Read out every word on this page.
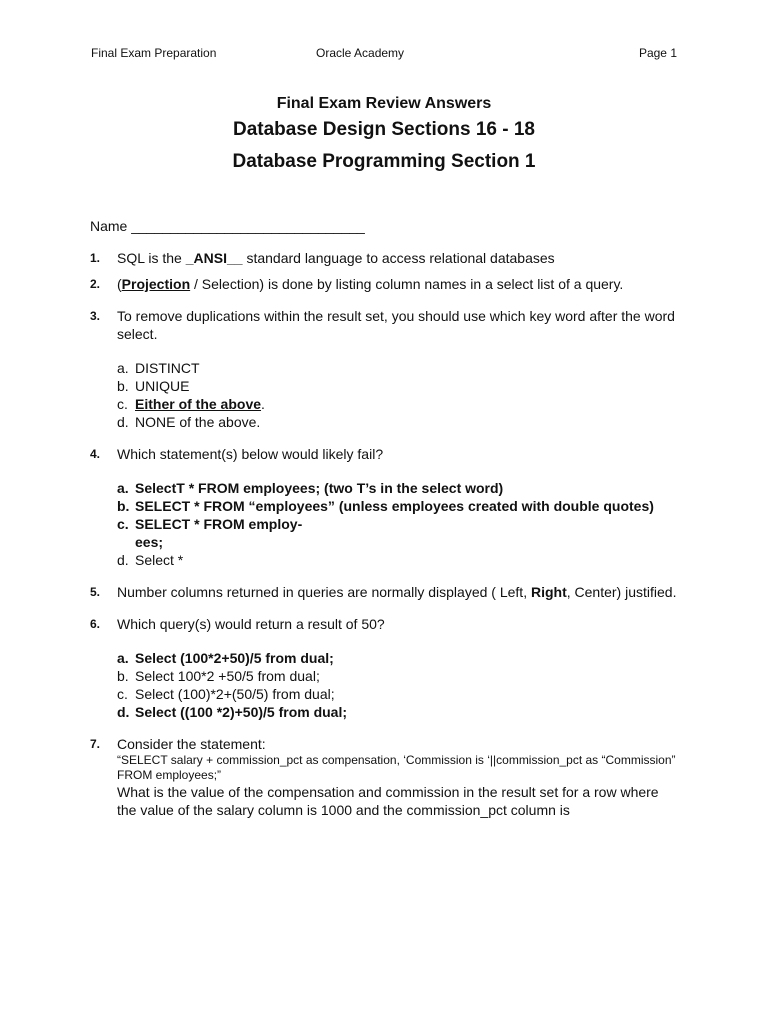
Final Exam Preparation	Oracle Academy	Page 1
Final Exam Review Answers
Database Design Sections 16 - 18
Database Programming Section 1
Name ______________________________
1. SQL is the _ANSI__ standard language to access relational databases

2. (Projection / Selection) is done by listing column names in a select list of a query.

3. To remove duplications within the result set, you should use which key word after the word select.

a. DISTINCT
b. UNIQUE
c. Either of the above.
d. NONE of the above.
4. Which statement(s) below would likely fail?

a. SelectT * FROM employees; (two T’s in the select word)
b. SELECT * FROM “employees” (unless employees created with double quotes)
c. SELECT * FROM employ-
ees;
d. Select *
5. Number columns returned in queries are normally displayed ( Left, Right, Center) justified.

6. Which query(s) would return a result of 50?

a. Select (100*2+50)/5 from dual;
b. Select 100*2 +50/5 from dual;
c. Select (100)*2+(50/5) from dual;
d. Select ((100 *2)+50)/5 from dual;
7. Consider the statement:

“SELECT salary + commission_pct as compensation, ‘Commission is ‘||commission_pct as “Commission” FROM employees;”

What is the value of the compensation and commission in the result set for a row where the value of the salary column is 1000 and the commission_pct column is
